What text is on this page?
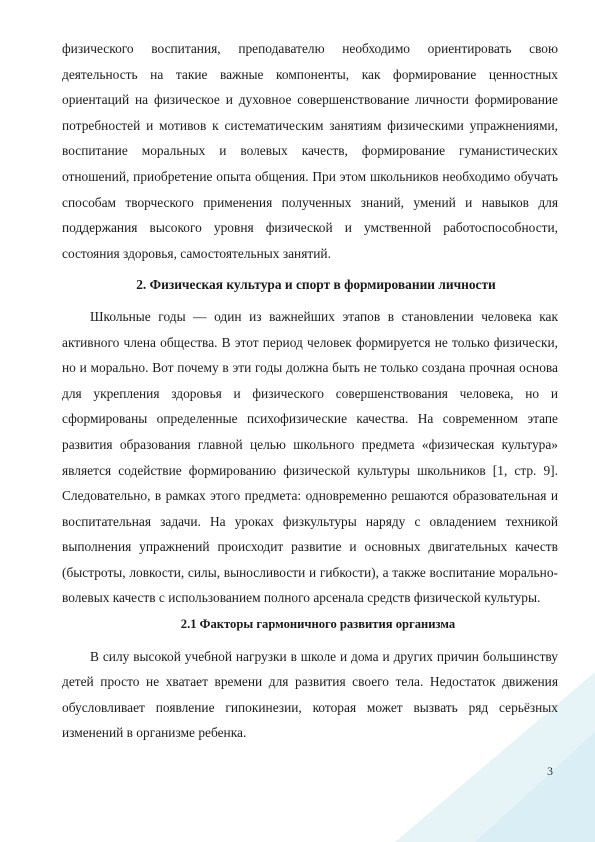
физического воспитания, преподавателю необходимо ориентировать свою деятельность на такие важные компоненты, как формирование ценностных ориентаций на физическое и духовное совершенствование личности формирование потребностей и мотивов к систематическим занятиям физическими упражнениями, воспитание моральных и волевых качеств, формирование гуманистических отношений, приобретение опыта общения. При этом школьников необходимо обучать способам творческого применения полученных знаний, умений и навыков для поддержания высокого уровня физической и умственной работоспособности, состояния здоровья, самостоятельных занятий.

2. Физическая культура и спорт в формировании личности

Школьные годы — один из важнейших этапов в становлении человека как активного члена общества. В этот период человек формируется не только физически, но и морально. Вот почему в эти годы должна быть не только создана прочная основа для укрепления здоровья и физического совершенствования человека, но и сформированы определенные психофизические качества. На современном этапе развития образования главной целью школьного предмета «физическая культура» является содействие формированию физической культуры школьников [1, стр. 9]. Следовательно, в рамках этого предмета: одновременно решаются образовательная и воспитательная задачи. На уроках физкультуры наряду с овладением техникой выполнения упражнений происходит развитие и основных двигательных качеств (быстроты, ловкости, силы, выносливости и гибкости), а также воспитание морально-волевых качеств с использованием полного арсенала средств физической культуры.

2.1 Факторы гармоничного развития организма

В силу высокой учебной нагрузки в школе и дома и других причин большинству детей просто не хватает времени для развития своего тела. Недостаток движения обусловливает появление гипокинезии, которая может вызвать ряд серьёзных изменений в организме ребенка.

3
